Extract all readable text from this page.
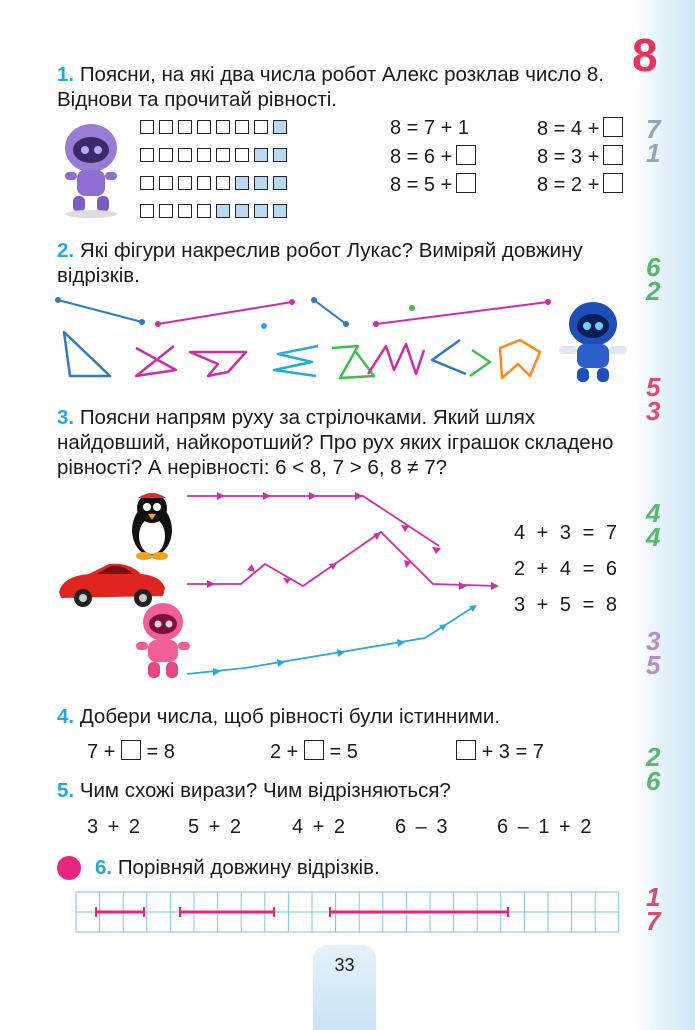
8
7
1
6
2
5
3
4
4
3
5
2
6
1
7
1. Поясни, на які два числа робот Алекс розклав число 8. Віднови та прочитай рівності.
8 = 7 + 1
8 = 6 +
8 = 5 +
8 = 4 +
8 = 3 +
8 = 2 +
2. Які фігури накреслив робот Лукас? Виміряй довжину відрізків.
3. Поясни напрям руху за стрілочками. Який шлях найдовший, найкоротший? Про рух яких іграшок складено рівності? А нерівності: 6 < 8, 7 > 6, 8 ≠ 7?
4 + 3 = 7
2 + 4 = 6
3 + 5 = 8
4. Добери числа, щоб рівності були істинними.
7 + = 8	2 + = 5	+ 3 = 7
5. Чим схожі вирази? Чим відрізняються?
3 + 2 5 + 2	4 + 2 6 – 3 6 – 1 + 2
6. Порівняй довжину відрізків.
33
